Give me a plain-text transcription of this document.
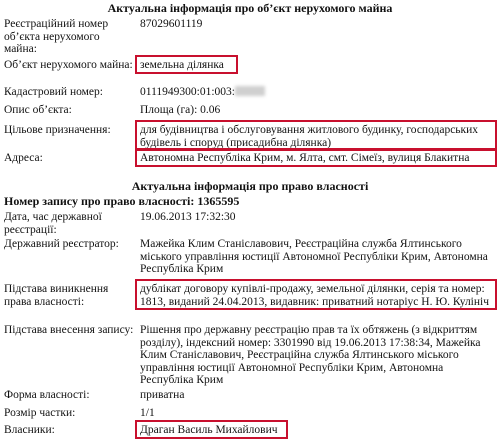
Актуальна інформація про об’єкт нерухомого майна
Реєстраційний номер об’єкта нерухомого майна:
87029601119
Об’єкт нерухомого майна: земельна ділянка
Кадастровий номер:	0111949300:01:003:
Опис об’єкта:	Площа (га): 0.06
Цільове призначення:	для будівництва і обслуговування житлового будинку, господарських будівель і споруд (присадибна ділянка)
Адреса:	Автономна Республіка Крим, м. Ялта, смт. Сімеїз, вулиця Блакитна
Актуальна інформація про право власності
Номер запису про право власності: 1365595
Дата, час державної реєстрації:
19.06.2013 17:32:30
Державний реєстратор:	Мажейка Клим Станіславович, Реєстраційна служба Ялтинського міського управління юстиції Автономної Республіки Крим, Автономна Республіка Крим
Підстава виникнення права власності:
дублікат договору купівлі-продажу, земельної ділянки, серія та номер: 1813, виданий 24.04.2013, видавник: приватний нотаріус Н. Ю. Кулініч
Підстава внесення запису: Рішення про державну реєстрацію прав та їх обтяжень (з відкриттям розділу), індексний номер: 3301990 від 19.06.2013 17:38:34, Мажейка Клим Станіславович, Реєстраційна служба Ялтинського міського управління юстиції Автономної Республіки Крим, Автономна Республіка Крим
Форма власності:	приватна
Розмір частки:	1/1
Власники:	Драган Василь Михайлович
